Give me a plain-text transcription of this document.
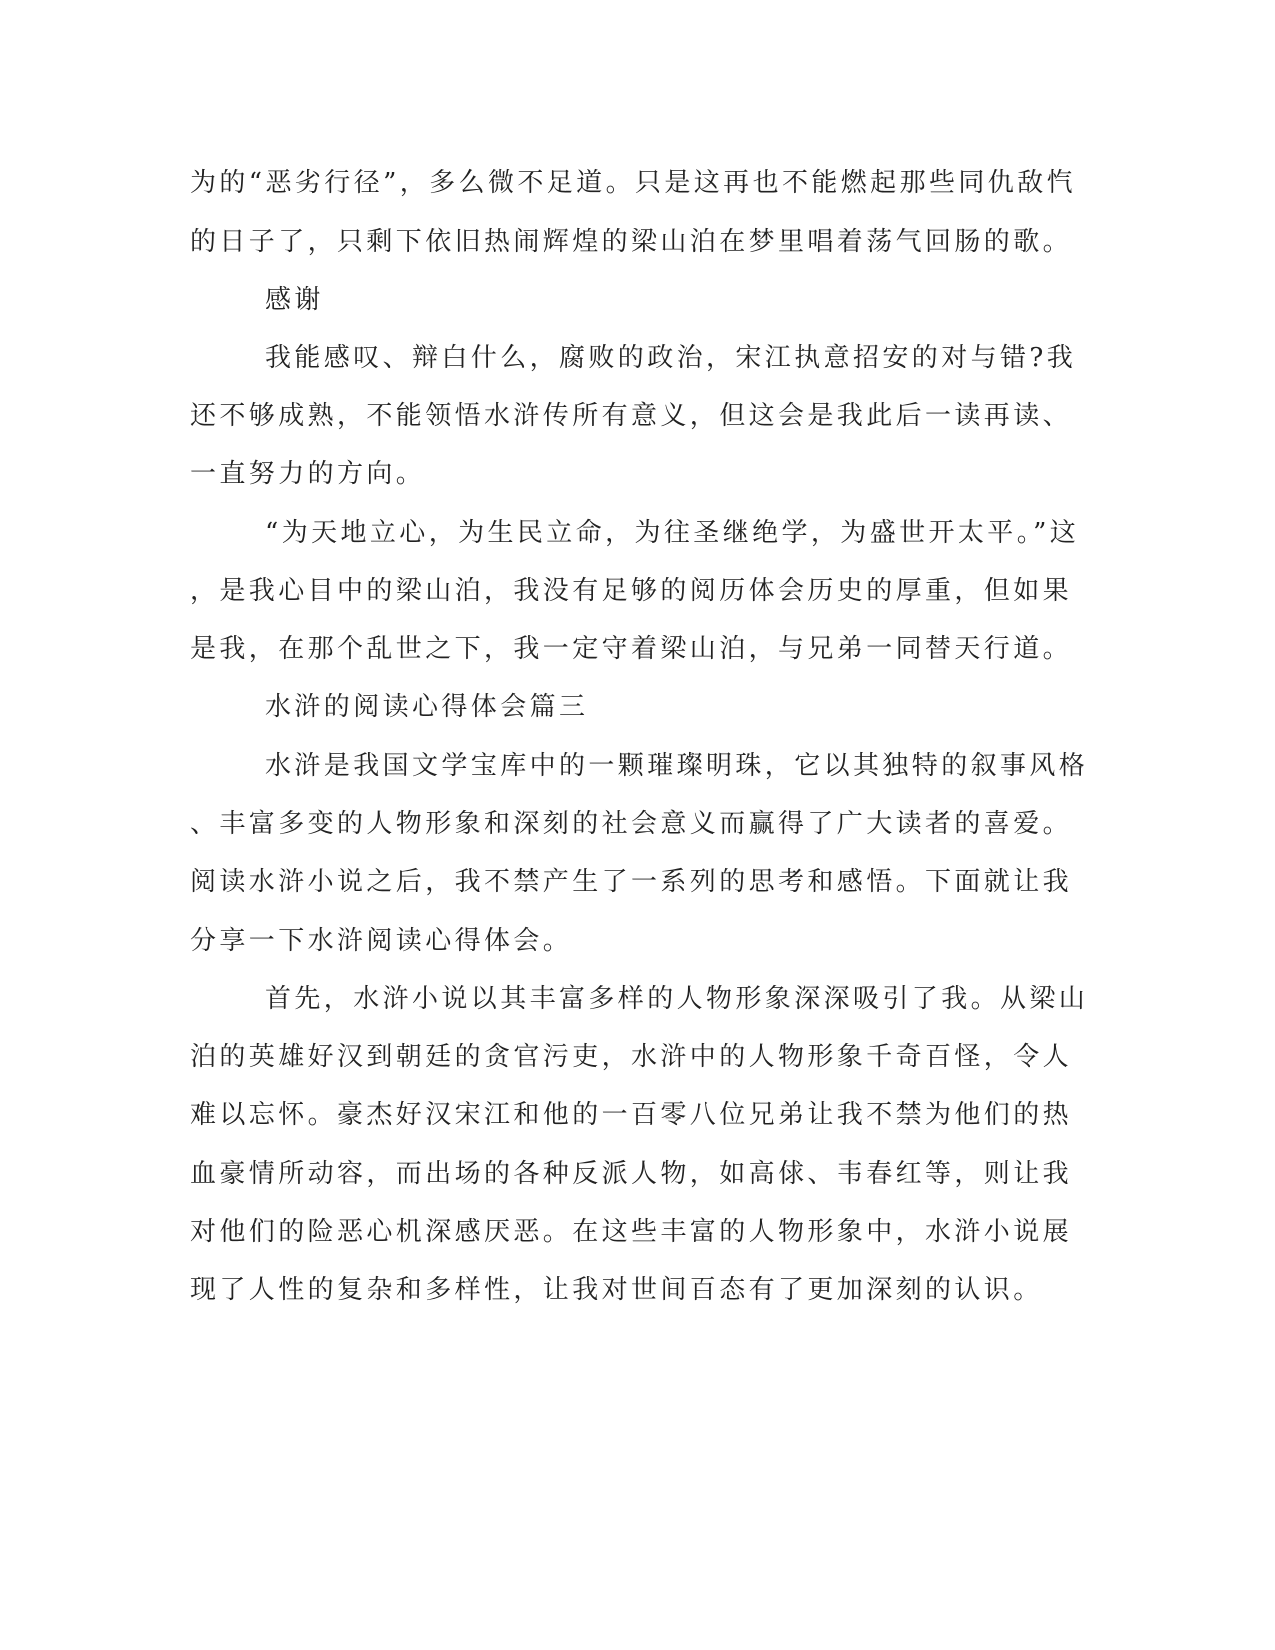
为的“恶劣行径”，多么微不足道。只是这再也不能燃起那些同仇敌忾
的日子了，只剩下依旧热闹辉煌的梁山泊在梦里唱着荡气回肠的歌。
感谢
我能感叹、辩白什么，腐败的政治，宋江执意招安的对与错?我
还不够成熟，不能领悟水浒传所有意义，但这会是我此后一读再读、
一直努力的方向。
“为天地立心，为生民立命，为往圣继绝学，为盛世开太平。”这
，是我心目中的梁山泊，我没有足够的阅历体会历史的厚重，但如果
是我，在那个乱世之下，我一定守着梁山泊，与兄弟一同替天行道。
水浒的阅读心得体会篇三
水浒是我国文学宝库中的一颗璀璨明珠，它以其独特的叙事风格
、丰富多变的人物形象和深刻的社会意义而赢得了广大读者的喜爱。
阅读水浒小说之后，我不禁产生了一系列的思考和感悟。下面就让我
分享一下水浒阅读心得体会。
首先，水浒小说以其丰富多样的人物形象深深吸引了我。从梁山
泊的英雄好汉到朝廷的贪官污吏，水浒中的人物形象千奇百怪，令人
难以忘怀。豪杰好汉宋江和他的一百零八位兄弟让我不禁为他们的热
血豪情所动容，而出场的各种反派人物，如高俅、韦春红等，则让我
对他们的险恶心机深感厌恶。在这些丰富的人物形象中，水浒小说展
现了人性的复杂和多样性，让我对世间百态有了更加深刻的认识。
